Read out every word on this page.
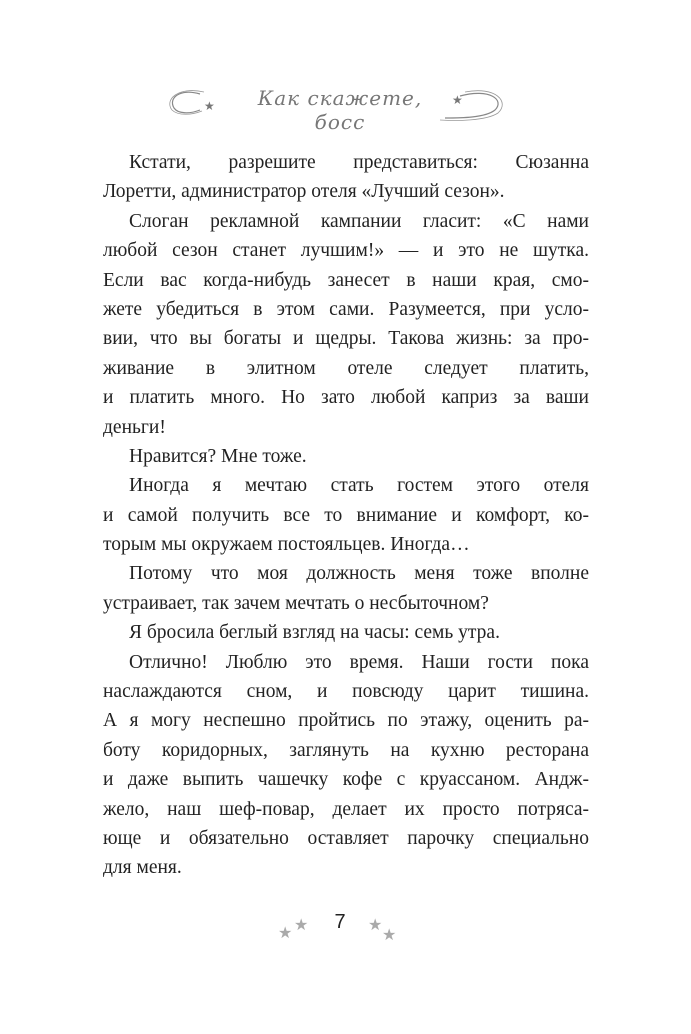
★	★
Как скажете, босс
Кстати, разрешите представиться: Сюзанна
Лоретти, администратор отеля «Лучший сезон».
Слоган рекламной кампании гласит: «С нами
любой сезон станет лучшим!» — и это не шутка.
Если вас когда-нибудь занесет в наши края, смо-
жете убедиться в этом сами. Разумеется, при усло-
вии, что вы богаты и щедры. Такова жизнь: за про-
живание в элитном отеле следует платить,
и платить много. Но зато любой каприз за ваши
деньги!
Нравится? Мне тоже.
Иногда я мечтаю стать гостем этого отеля
и самой получить все то внимание и комфорт, ко-
торым мы окружаем постояльцев. Иногда…
Потому что моя должность меня тоже вполне
устраивает, так зачем мечтать о несбыточном?
Я бросила беглый взгляд на часы: семь утра.
Отлично! Люблю это время. Наши гости пока
наслаждаются сном, и повсюду царит тишина.
А я могу неспешно пройтись по этажу, оценить ра-
боту коридорных, заглянуть на кухню ресторана
и даже выпить чашечку кофе с круассаном. Андж-
жело, наш шеф-повар, делает их просто потряса-
юще и обязательно оставляет парочку специально
для меня.
★ ★	7	★
★
